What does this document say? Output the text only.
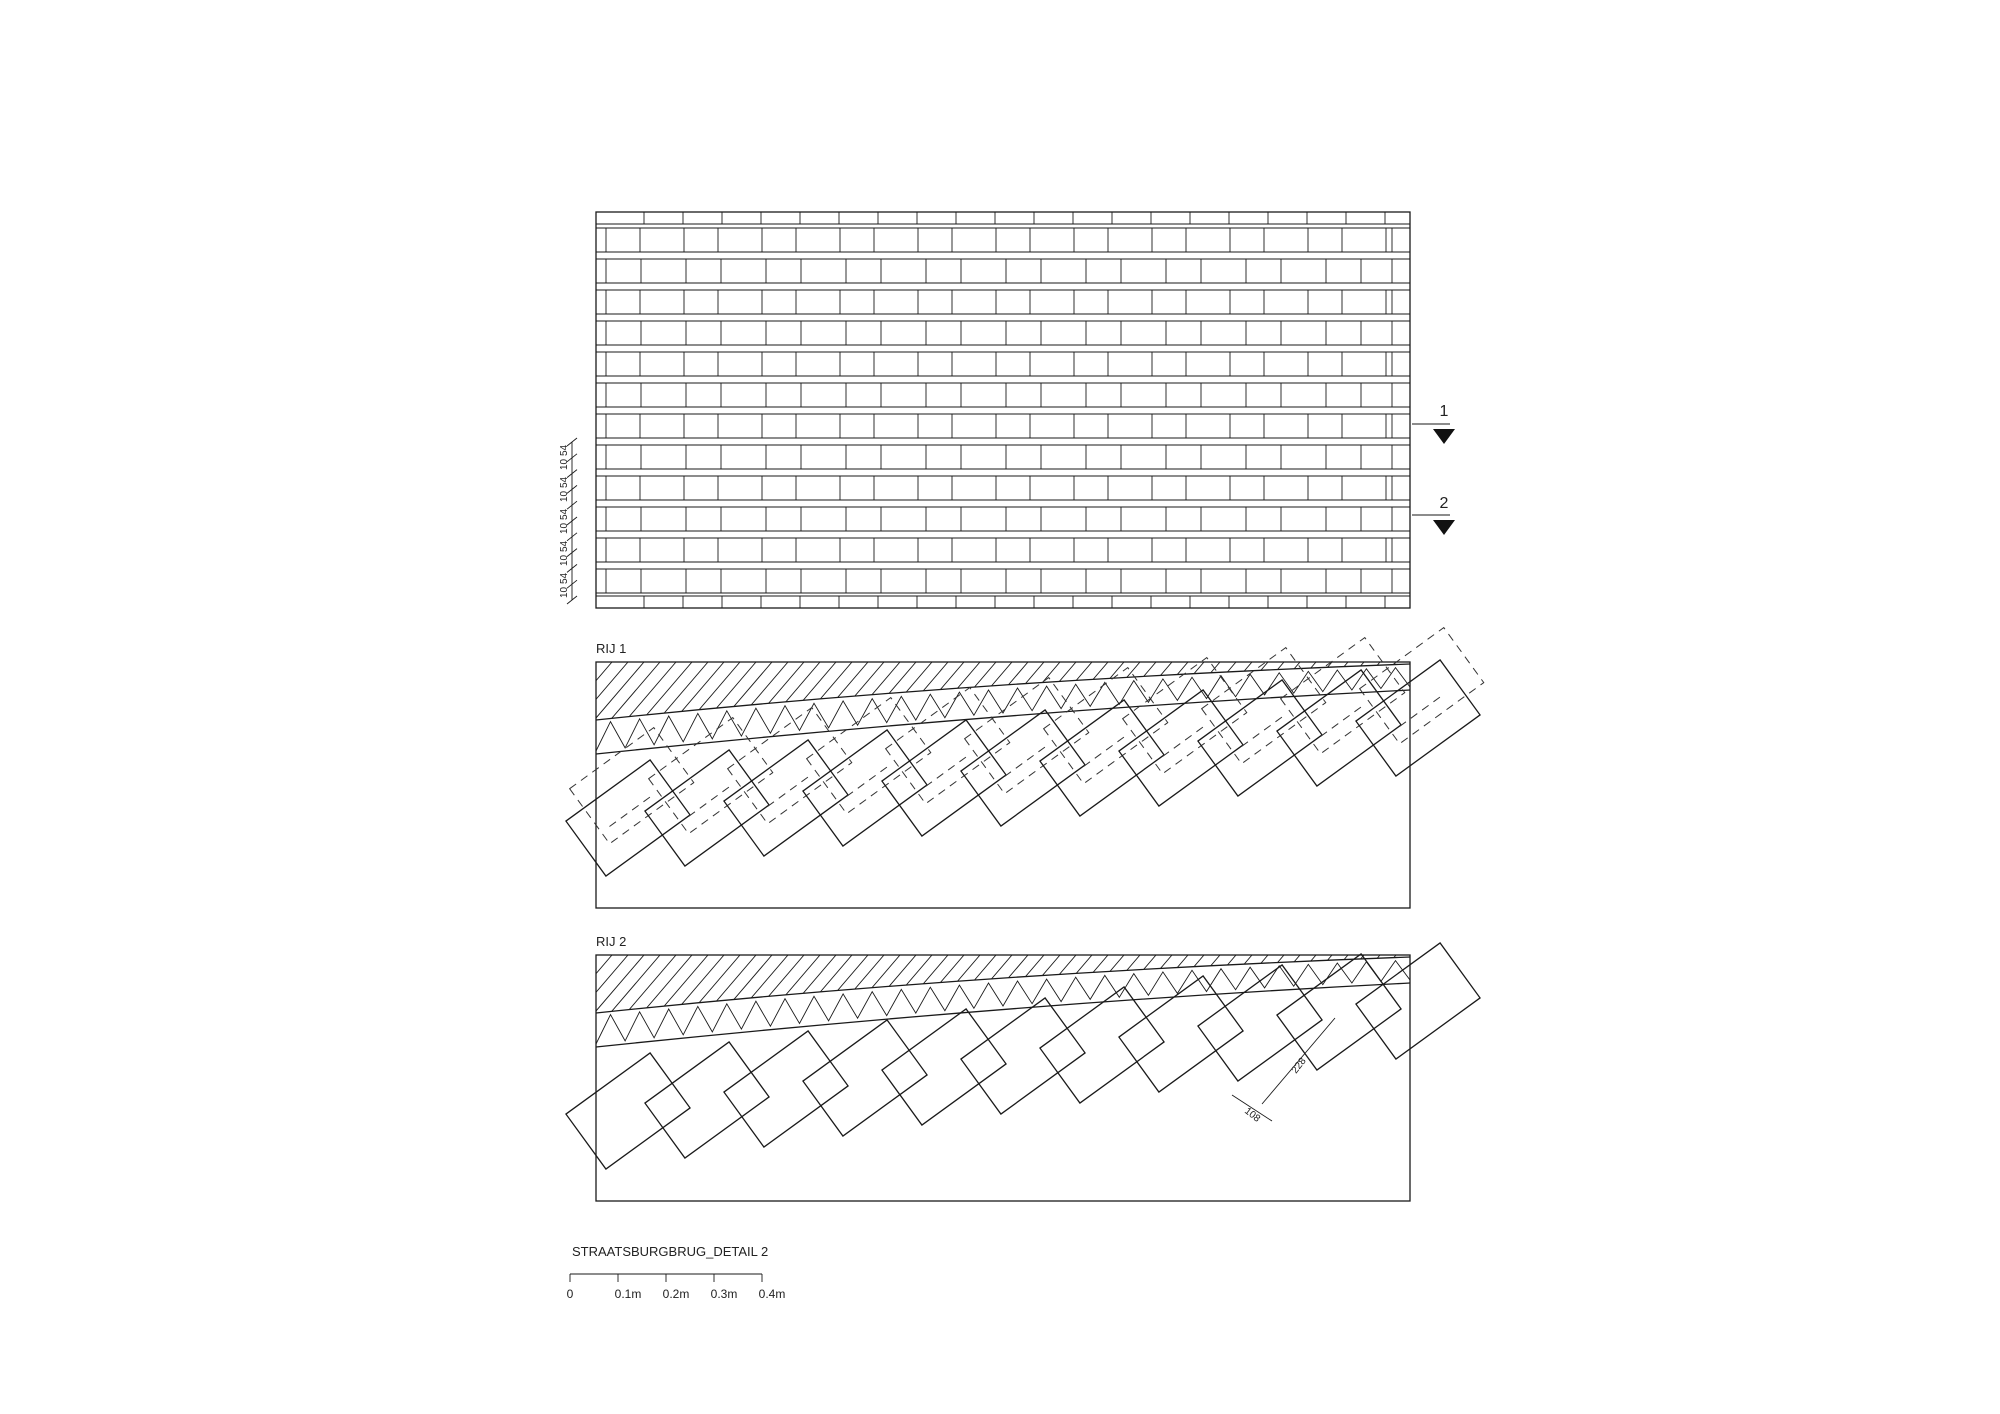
10
54
10
54
10
54
10
54
10
54
1
2
RIJ 1
RIJ 2
228
108
STRAATSBURGBRUG_DETAIL 2
0	0.1m 0.2m 0.3m 0.4m
